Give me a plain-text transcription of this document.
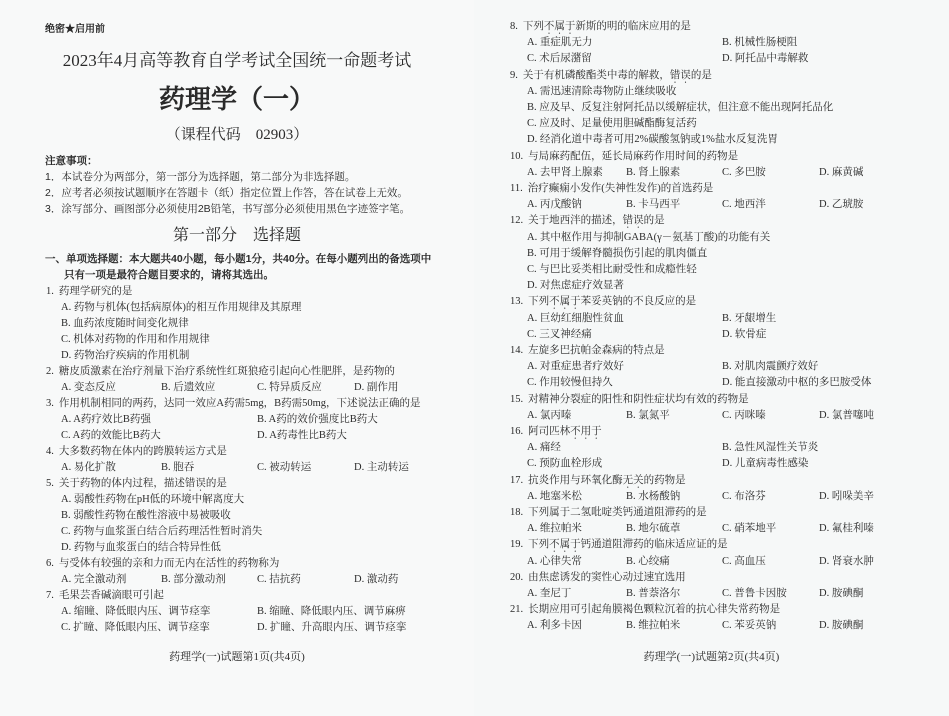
绝密★启用前
2023年4月高等教育自学考试全国统一命题考试
药理学（一）
（课程代码　02903）
注意事项：
1．本试卷分为两部分，第一部分为选择题，第二部分为非选择题。
2．应考者必须按试题顺序在答题卡（纸）指定位置上作答，答在试卷上无效。
3．涂写部分、画图部分必须使用2B铅笔，书写部分必须使用黑色字迹签字笔。
第一部分　选择题
一、单项选择题：本大题共40小题，每小题1分，共40分。在每小题列出的备选项中
只有一项是最符合题目要求的，请将其选出。
1. 药理学研究的是
A. 药物与机体(包括病原体)的相互作用规律及其原理
B. 血药浓度随时间变化规律
C. 机体对药物的作用和作用规律
D. 药物治疗疾病的作用机制
2. 糖皮质激素在治疗剂量下治疗系统性红斑狼疮引起向心性肥胖，是药物的
A. 变态反应	B. 后遗效应	C. 特异质反应	D. 副作用
3. 作用机制相同的两药，达同一效应A药需5mg，B药需50mg，下述说法正确的是
A. A药疗效比B药强	B. A药的效价强度比B药大
C. A药的效能比B药大	D. A药毒性比B药大
4. 大多数药物在体内的跨膜转运方式是
A. 易化扩散	B. 胞吞	C. 被动转运	D. 主动转运
5. 关于药物的体内过程，描述错误的是
A. 弱酸性药物在pH低的环境中解离度大
B. 弱酸性药物在酸性溶液中易被吸收
C. 药物与血浆蛋白结合后药理活性暂时消失
D. 药物与血浆蛋白的结合特异性低
6. 与受体有较强的亲和力而无内在活性的药物称为
A. 完全激动剂	B. 部分激动剂	C. 拮抗药	D. 激动药
7. 毛果芸香碱滴眼可引起
A. 缩瞳、降低眼内压、调节痉挛	B. 缩瞳、降低眼内压、调节麻痹
C. 扩瞳、降低眼内压、调节痉挛	D. 扩瞳、升高眼内压、调节痉挛
药理学(一)试题第1页(共4页)
8. 下列不属于新斯的明的临床应用的是
A. 重症肌无力	B. 机械性肠梗阻
C. 术后尿潴留	D. 阿托品中毒解救
9. 关于有机磷酸酯类中毒的解救，错误的是
A. 需迅速清除毒物防止继续吸收
B. 应及早、反复注射阿托品以缓解症状，但注意不能出现阿托品化
C. 应及时、足量使用胆碱酯酶复活药
D. 经消化道中毒者可用2%碳酸氢钠或1%盐水反复洗胃
10. 与局麻药配伍，延长局麻药作用时间的药物是
A. 去甲肾上腺素 B. 肾上腺素	C. 多巴胺	D. 麻黄碱
11. 治疗癫痫小发作(失神性发作)的首选药是
A. 丙戊酸钠	B. 卡马西平	C. 地西泮	D. 乙琥胺
12. 关于地西泮的描述，错误的是
A. 其中枢作用与抑制GABA(γ－氨基丁酸)的功能有关
B. 可用于缓解脊髓损伤引起的肌肉僵直
C. 与巴比妥类相比耐受性和成瘾性轻
D. 对焦虑症疗效显著
13. 下列不属于苯妥英钠的不良反应的是
A. 巨幼红细胞性贫血	B. 牙龈增生
C. 三叉神经痛	D. 软骨症
14. 左旋多巴抗帕金森病的特点是
A. 对重症患者疗效好	B. 对肌肉震颤疗效好
C. 作用较慢但持久	D. 能直接激动中枢的多巴胺受体
15. 对精神分裂症的阳性和阴性症状均有效的药物是
A. 氯丙嗪	B. 氯氮平	C. 丙咪嗪	D. 氯普噻吨
16. 阿司匹林不用于
A. 痛经	B. 急性风湿性关节炎
C. 预防血栓形成	D. 儿童病毒性感染
17. 抗炎作用与环氧化酶无关的药物是
A. 地塞米松	B. 水杨酸钠	C. 布洛芬	D. 吲哚美辛
18. 下列属于二氢吡啶类钙通道阻滞药的是
A. 维拉帕米	B. 地尔硫䓬	C. 硝苯地平	D. 氟桂利嗪
19. 下列不属于钙通道阻滞药的临床适应证的是
A. 心律失常	B. 心绞痛	C. 高血压	D. 肾衰水肿
20. 由焦虑诱发的窦性心动过速宜选用
A. 奎尼丁	B. 普萘洛尔	C. 普鲁卡因胺	D. 胺碘酮
21. 长期应用可引起角膜褐色颗粒沉着的抗心律失常药物是
A. 利多卡因	B. 维拉帕米	C. 苯妥英钠	D. 胺碘酮
药理学(一)试题第2页(共4页)
